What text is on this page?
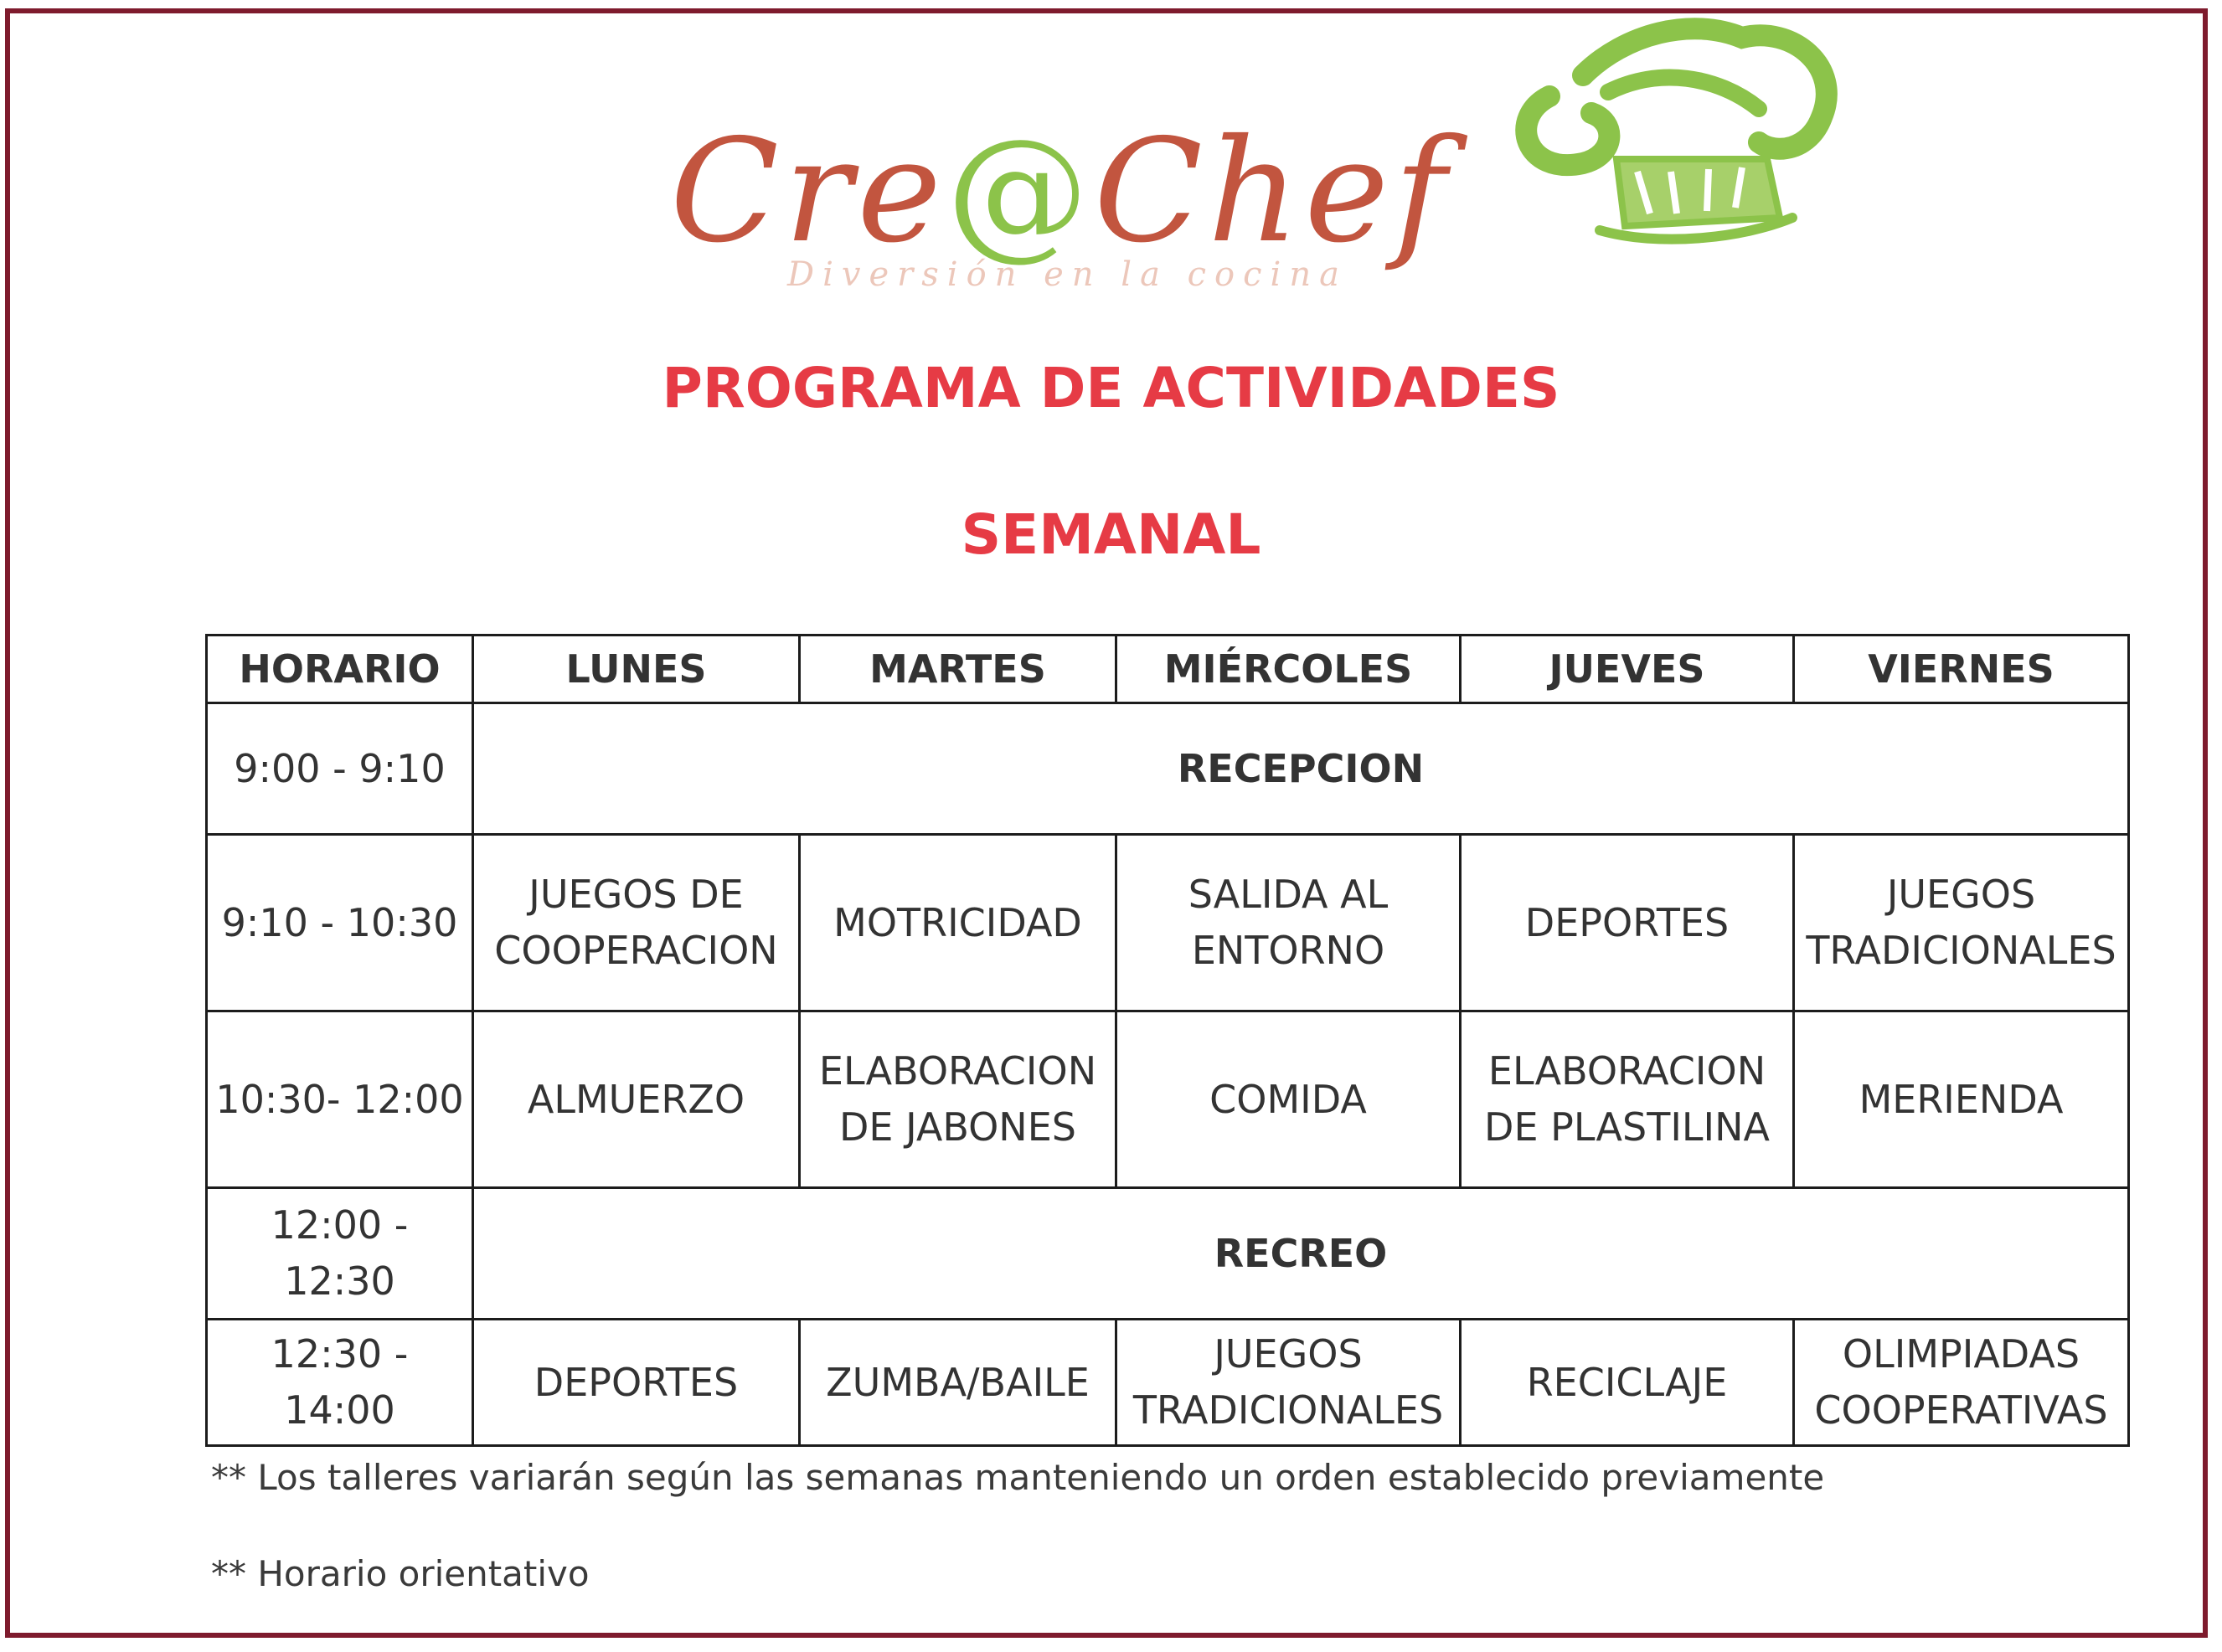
Cre@Chef
Diversión en la cocina
PROGRAMA DE ACTIVIDADES
SEMANAL
HORARIO	LUNES	MARTES	MIÉRCOLES	JUEVES	VIERNES
9:00 - 9:10	RECEPCION				
9:10 - 10:30	JUEGOS DE COOPERACION	MOTRICIDAD	SALIDA AL ENTORNO	DEPORTES	JUEGOS TRADICIONALES
10:30- 12:00	ALMUERZO	ELABORACION DE JABONES	COMIDA	ELABORACION DE PLASTILINA	MERIENDA
12:00 - 12:30	RECREO				
12:30 - 14:00	DEPORTES	ZUMBA/BAILE	JUEGOS TRADICIONALES	RECICLAJE	OLIMPIADAS COOPERATIVAS
** Los talleres variarán según las semanas manteniendo un orden establecido previamente
** Horario orientativo
